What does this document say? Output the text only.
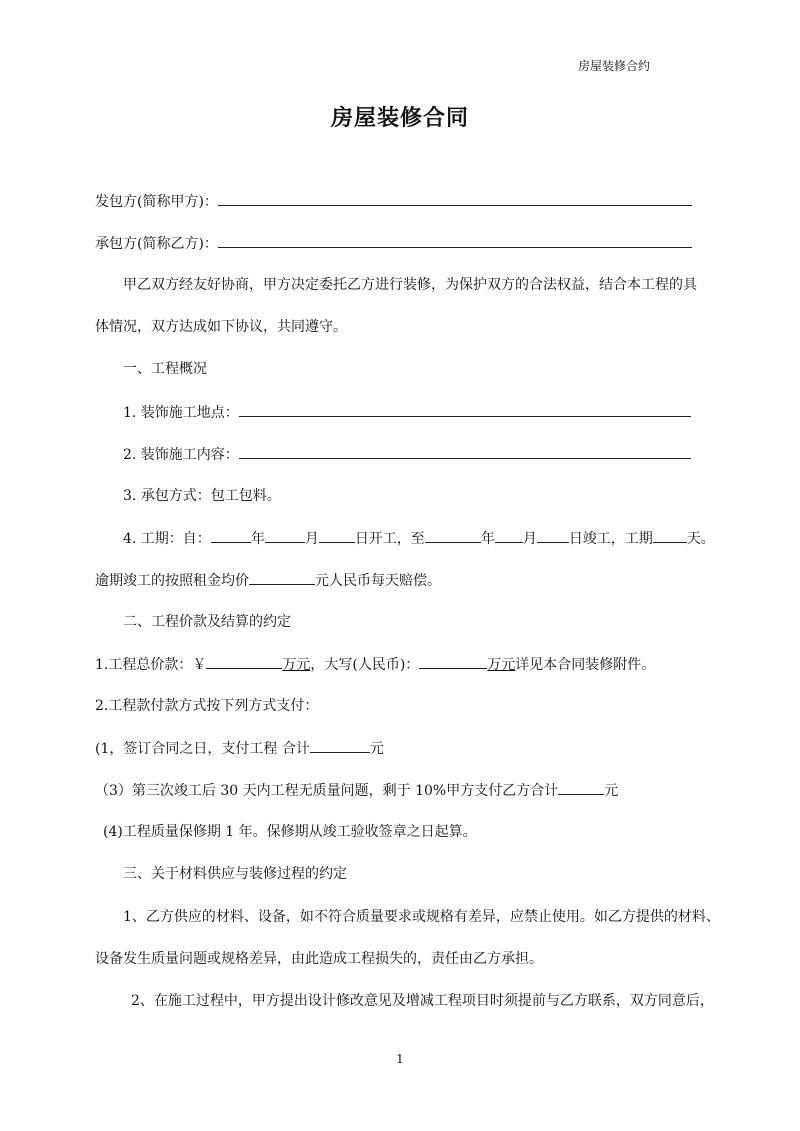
房屋装修合约
房屋装修合同
发包方(简称甲方)：
承包方(简称乙方)：
甲乙双方经友好协商，甲方决定委托乙方进行装修，为保护双方的合法权益，结合本工程的具
体情况，双方达成如下协议，共同遵守。
一、工程概况
1. 装饰施工地点：
2. 装饰施工内容：
3. 承包方式：包工包料。
4. 工期：自：	年	月	日开工，至	年 月 日竣工，工期 天。
逾期竣工的按照租金均价	元人民币每天赔偿。
二、工程价款及结算的约定
1.工程总价款：￥	万元，大写(人民币)：	万元详见本合同装修附件。
2.工程款付款方式按下列方式支付：
(1，签订合同之日，支付工程 合计	元
（3）第三次竣工后 30 天内工程无质量问题，剩于 10%甲方支付乙方合计	元
(4)工程质量保修期 1 年。保修期从竣工验收签章之日起算。
三、关于材料供应与装修过程的约定
1、乙方供应的材料、设备，如不符合质量要求或规格有差异，应禁止使用。如乙方提供的材料、
设备发生质量问题或规格差异，由此造成工程损失的，责任由乙方承担。
2、在施工过程中，甲方提出设计修改意见及增减工程项目时须提前与乙方联系，双方同意后，
1
